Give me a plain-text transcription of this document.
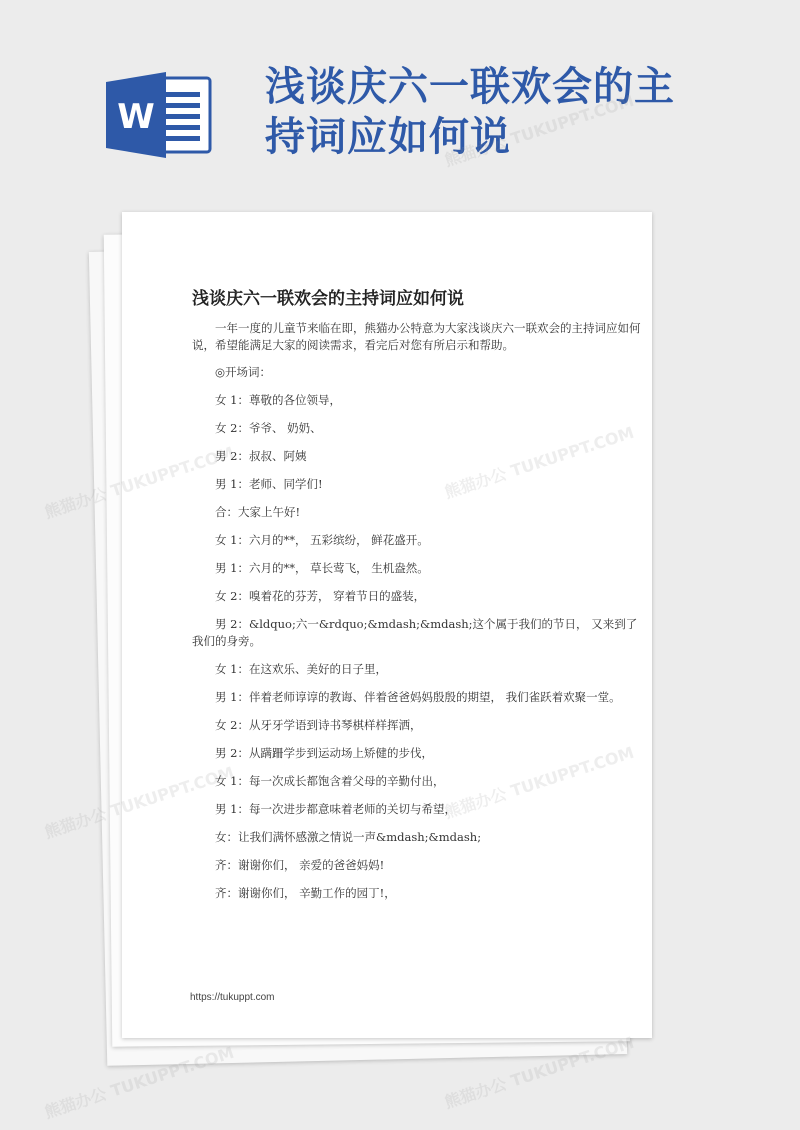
W
浅谈庆六一联欢会的主持词应如何说
浅谈庆六一联欢会的主持词应如何说

一年一度的儿童节来临在即，熊猫办公特意为大家浅谈庆六一联欢会的主持词应如何说，希望能满足大家的阅读需求，看完后对您有所启示和帮助。

◎开场词：

女 1：尊敬的各位领导，

女 2：爷爷、 奶奶、

男 2：叔叔、阿姨

男 1：老师、同学们!

合：大家上午好!

女 1：六月的**， 五彩缤纷， 鲜花盛开。

男 1：六月的**， 草长莺飞， 生机盎然。

女 2：嗅着花的芬芳， 穿着节日的盛装，

男 2：&ldquo;六一&rdquo;&mdash;&mdash;这个属于我们的节日， 又来到了我们的身旁。

女 1：在这欢乐、美好的日子里，

男 1：伴着老师谆谆的教诲、伴着爸爸妈妈殷殷的期望， 我们雀跃着欢聚一堂。

女 2：从牙牙学语到诗书琴棋样样挥洒，

男 2：从蹒跚学步到运动场上矫健的步伐，

女 1：每一次成长都饱含着父母的辛勤付出，

男 1：每一次进步都意味着老师的关切与希望，

女：让我们满怀感激之情说一声&mdash;&mdash;

齐：谢谢你们， 亲爱的爸爸妈妈!

齐：谢谢你们， 辛勤工作的园丁!，

https://tukuppt.com
熊猫办公 TUKUPPT.COM
熊猫办公
熊猫办公
熊猫办公 TUKUPPT.COM	熊猫办公 TUKUPPT.COM
